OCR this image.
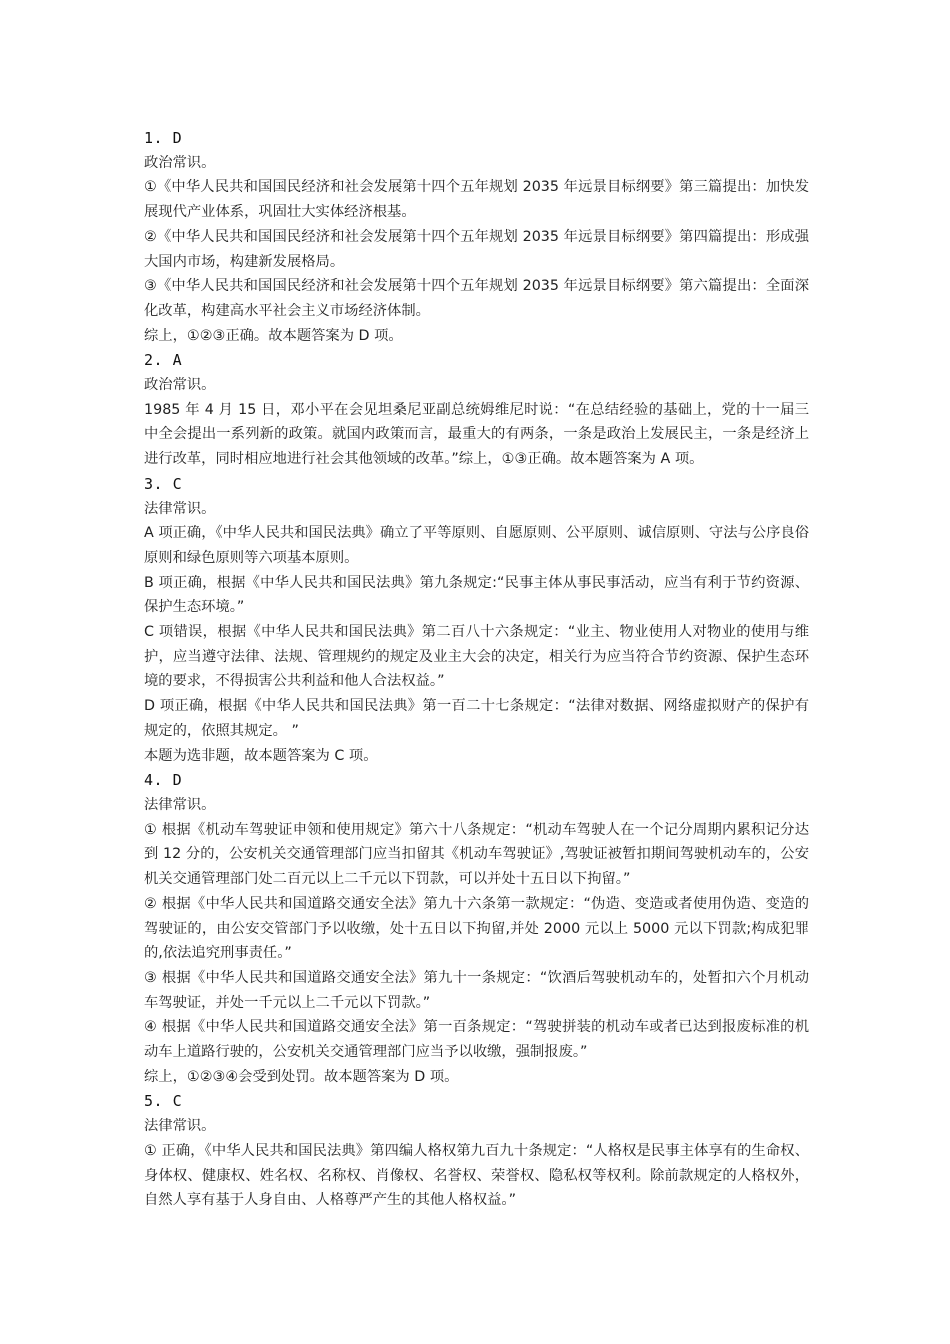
1. D
政治常识。
①《中华人民共和国国民经济和社会发展第十四个五年规划 2035 年远景目标纲要》第三篇提出：加快发展现代产业体系，巩固壮大实体经济根基。
②《中华人民共和国国民经济和社会发展第十四个五年规划 2035 年远景目标纲要》第四篇提出：形成强大国内市场，构建新发展格局。
③《中华人民共和国国民经济和社会发展第十四个五年规划 2035 年远景目标纲要》第六篇提出：全面深化改革，构建高水平社会主义市场经济体制。
综上，①②③正确。故本题答案为 D 项。
2. A
政治常识。
1985 年 4 月 15 日，邓小平在会见坦桑尼亚副总统姆维尼时说：“在总结经验的基础上，党的十一届三中全会提出一系列新的政策。就国内政策而言，最重大的有两条，一条是政治上发展民主，一条是经济上进行改革，同时相应地进行社会其他领域的改革。”综上，①③正确。故本题答案为 A 项。
3. C
法律常识。
A 项正确，《中华人民共和国民法典》确立了平等原则、自愿原则、公平原则、诚信原则、守法与公序良俗原则和绿色原则等六项基本原则。
B 项正确，根据《中华人民共和国民法典》第九条规定:“民事主体从事民事活动，应当有利于节约资源、保护生态环境。”
C 项错误，根据《中华人民共和国民法典》第二百八十六条规定：“业主、物业使用人对物业的使用与维护，应当遵守法律、法规、管理规约的规定及业主大会的决定，相关行为应当符合节约资源、保护生态环境的要求，不得损害公共利益和他人合法权益。”
D 项正确，根据《中华人民共和国民法典》第一百二十七条规定：“法律对数据、网络虚拟财产的保护有规定的，依照其规定。 ”
本题为选非题，故本题答案为 C 项。
4. D
法律常识。
① 根据《机动车驾驶证申领和使用规定》第六十八条规定：“机动车驾驶人在一个记分周期内累积记分达到 12 分的，公安机关交通管理部门应当扣留其《机动车驾驶证》,驾驶证被暂扣期间驾驶机动车的，公安机关交通管理部门处二百元以上二千元以下罚款，可以并处十五日以下拘留。”
② 根据《中华人民共和国道路交通安全法》第九十六条第一款规定：“伪造、变造或者使用伪造、变造的驾驶证的，由公安交管部门予以收缴，处十五日以下拘留,并处 2000 元以上 5000 元以下罚款;构成犯罪的,依法追究刑事责任。”
③ 根据《中华人民共和国道路交通安全法》第九十一条规定：“饮酒后驾驶机动车的，处暂扣六个月机动车驾驶证，并处一千元以上二千元以下罚款。”
④ 根据《中华人民共和国道路交通安全法》第一百条规定：“驾驶拼装的机动车或者已达到报废标准的机动车上道路行驶的，公安机关交通管理部门应当予以收缴，强制报废。”
综上，①②③④会受到处罚。故本题答案为 D 项。
5. C
法律常识。
① 正确，《中华人民共和国民法典》第四编人格权第九百九十条规定：“人格权是民事主体享有的生命权、身体权、健康权、姓名权、名称权、肖像权、名誉权、荣誉权、隐私权等权利。除前款规定的人格权外，自然人享有基于人身自由、人格尊严产生的其他人格权益。”
